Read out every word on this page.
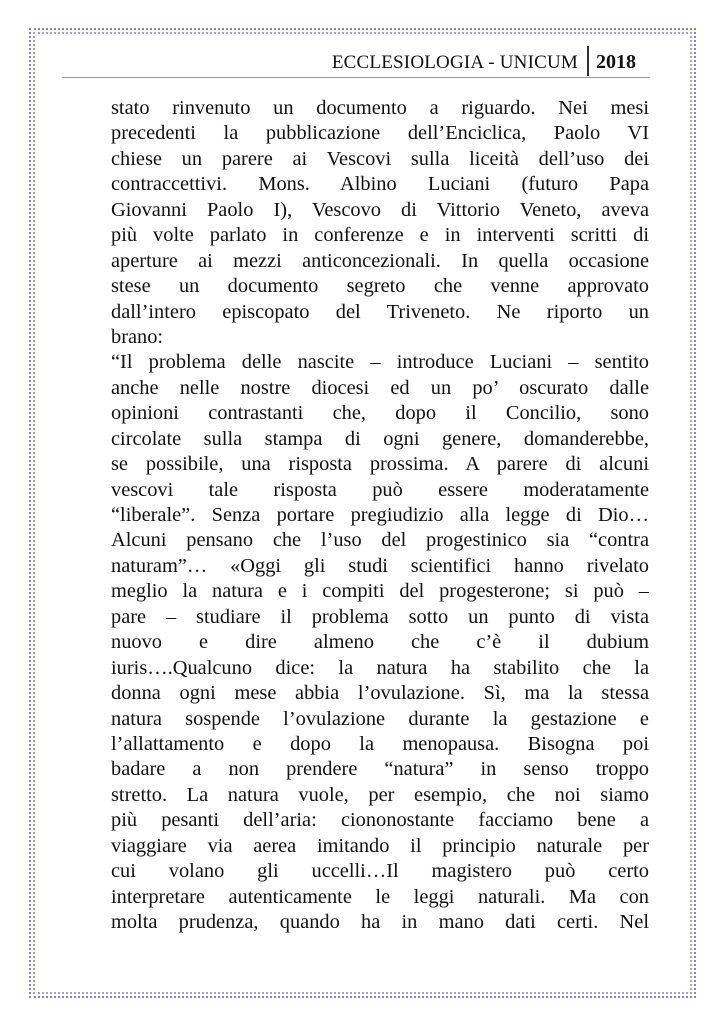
ECCLESIOLOGIA - UNICUM 2018
stato rinvenuto un documento a riguardo. Nei mesi
precedenti la pubblicazione dell’Enciclica, Paolo VI
chiese un parere ai Vescovi sulla liceità dell’uso dei
contraccettivi. Mons. Albino Luciani (futuro Papa
Giovanni Paolo I), Vescovo di Vittorio Veneto, aveva
più volte parlato in conferenze e in interventi scritti di
aperture ai mezzi anticoncezionali. In quella occasione
stese un documento segreto che venne approvato
dall’intero episcopato del Triveneto. Ne riporto un
brano:
“Il problema delle nascite – introduce Luciani – sentito
anche nelle nostre diocesi ed un po’ oscurato dalle
opinioni contrastanti che, dopo il Concilio, sono
circolate sulla stampa di ogni genere, domanderebbe,
se possibile, una risposta prossima. A parere di alcuni
vescovi tale risposta può essere moderatamente
“liberale”. Senza portare pregiudizio alla legge di Dio…
Alcuni pensano che l’uso del progestinico sia “contra
naturam”… «Oggi gli studi scientifici hanno rivelato
meglio la natura e i compiti del progesterone; si può –
pare – studiare il problema sotto un punto di vista
nuovo e dire almeno che c’è il dubium
iuris….Qualcuno dice: la natura ha stabilito che la
donna ogni mese abbia l’ovulazione. Sì, ma la stessa
natura sospende l’ovulazione durante la gestazione e
l’allattamento e dopo la menopausa. Bisogna poi
badare a non prendere “natura” in senso troppo
stretto. La natura vuole, per esempio, che noi siamo
più pesanti dell’aria: ciononostante facciamo bene a
viaggiare via aerea imitando il principio naturale per
cui volano gli uccelli…Il magistero può certo
interpretare autenticamente le leggi naturali. Ma con
molta prudenza, quando ha in mano dati certi. Nel
